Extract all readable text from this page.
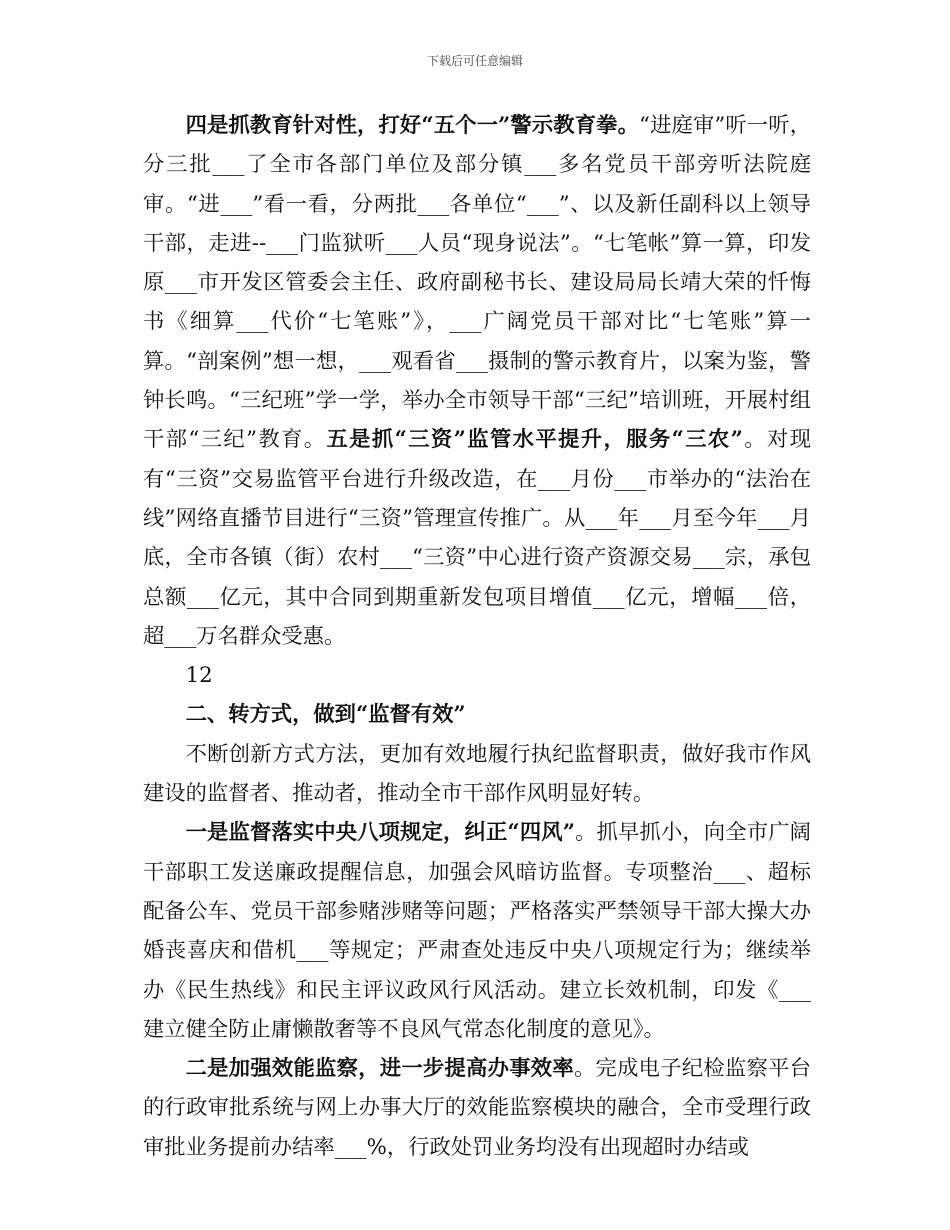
下载后可任意编辑

四是抓教育针对性，打好“五个一”警示教育拳。“进庭审”听一听，分三批___了全市各部门单位及部分镇___多名党员干部旁听法院庭审。“进___”看一看，分两批___各单位“___”、以及新任副科以上领导干部，走进--___门监狱听___人员“现身说法”。“七笔帐”算一算，印发原___市开发区管委会主任、政府副秘书长、建设局局长靖大荣的忏悔书《细算___代价“七笔账”》，___广阔党员干部对比“七笔账”算一算。“剖案例”想一想，___观看省___摄制的警示教育片，以案为鉴，警钟长鸣。“三纪班”学一学，举办全市领导干部“三纪”培训班，开展村组干部“三纪”教育。五是抓“三资”监管水平提升，服务“三农”。对现有“三资”交易监管平台进行升级改造，在___月份___市举办的“法治在线”网络直播节目进行“三资”管理宣传推广。从___年___月至今年___月底，全市各镇（街）农村___“三资”中心进行资产资源交易___宗，承包总额___亿元，其中合同到期重新发包项目增值___亿元，增幅___倍，超___万名群众受惠。

12

二、转方式，做到“监督有效”

不断创新方式方法，更加有效地履行执纪监督职责，做好我市作风建设的监督者、推动者，推动全市干部作风明显好转。

一是监督落实中央八项规定，纠正“四风”。抓早抓小，向全市广阔干部职工发送廉政提醒信息，加强会风暗访监督。专项整治___、超标配备公车、党员干部参赌涉赌等问题；严格落实严禁领导干部大操大办婚丧喜庆和借机___等规定；严肃查处违反中央八项规定行为；继续举办《民生热线》和民主评议政风行风活动。建立长效机制，印发《___建立健全防止庸懒散奢等不良风气常态化制度的意见》。

二是加强效能监察，进一步提高办事效率。完成电子纪检监察平台的行政审批系统与网上办事大厅的效能监察模块的融合，全市受理行政审批业务提前办结率___%，行政处罚业务均没有出现超时办结或
